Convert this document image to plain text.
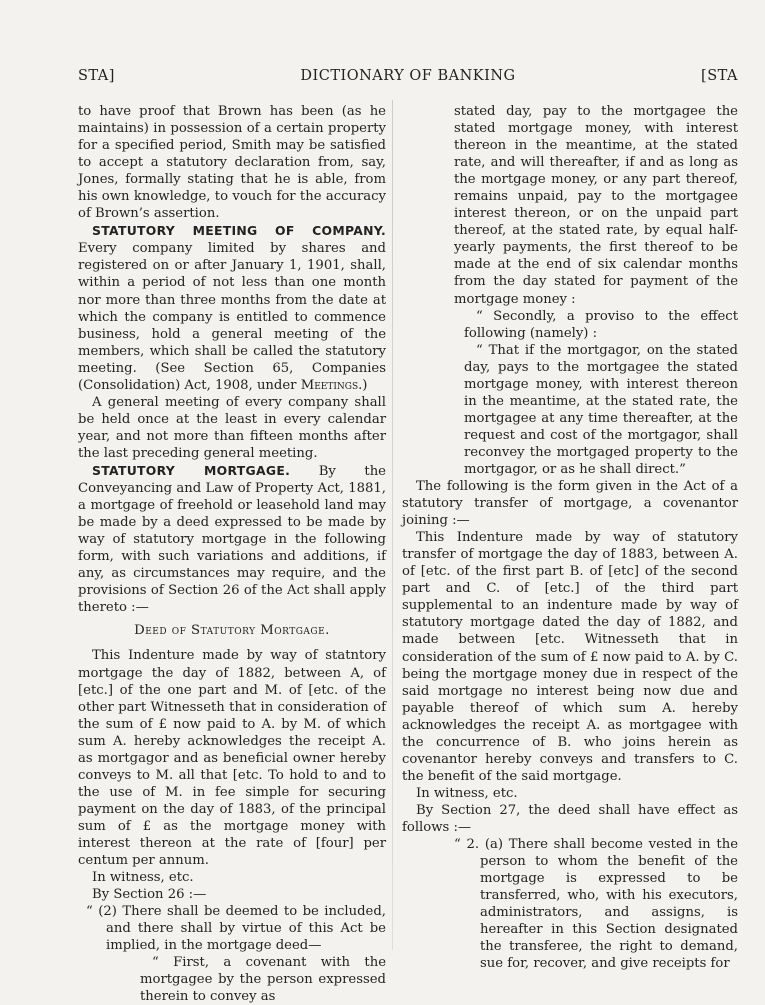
STA]	DICTIONARY OF BANKING	[STA

to have proof that Brown has been (as he maintains) in possession of a certain property for a specified period, Smith may be satisfied to accept a statutory declaration from, say, Jones, formally stating that he is able, from his own knowledge, to vouch for the accuracy of Brown’s assertion.

STATUTORY MEETING OF COMPANY. Every company limited by shares and registered on or after January 1, 1901, shall, within a period of not less than one month nor more than three months from the date at which the company is entitled to commence business, hold a general meeting of the members, which shall be called the statutory meeting. (See Section 65, Companies (Consolidation) Act, 1908, under Meetings.)

A general meeting of every company shall be held once at the least in every calendar year, and not more than fifteen months after the last preceding general meeting.

STATUTORY MORTGAGE. By the Conveyancing and Law of Property Act, 1881, a mortgage of freehold or leasehold land may be made by a deed expressed to be made by way of statutory mortgage in the following form, with such variations and additions, if any, as circumstances may require, and the provisions of Section 26 of the Act shall apply thereto :—

Deed of Statutory Mortgage.

This Indenture made by way of statntory mortgage the day of 1882, between A, of [etc.] of the one part and M. of [etc. of the other part Witnesseth that in consideration of the sum of £ now paid to A. by M. of which sum A. hereby acknowledges the receipt A. as mortgagor and as beneficial owner hereby conveys to M. all that [etc. To hold to and to the use of M. in fee simple for securing payment on the day of 1883, of the principal sum of £ as the mortgage money with interest thereon at the rate of [four] per centum per annum.

In witness, etc.

By Section 26 :—

“ (2) There shall be deemed to be included, and there shall by virtue of this Act be implied, in the mortgage deed—

“ First, a covenant with the mortgagee by the person expressed therein to convey as

stated day, pay to the mortgagee the stated mortgage money, with interest thereon in the meantime, at the stated rate, and will thereafter, if and as long as the mortgage money, or any part thereof, remains unpaid, pay to the mortgagee interest thereon, or on the unpaid part thereof, at the stated rate, by equal half-yearly payments, the first thereof to be made at the end of six calendar months from the day stated for payment of the mortgage money :

“ Secondly, a proviso to the effect following (namely) :

“ That if the mortgagor, on the stated day, pays to the mortgagee the stated mortgage money, with interest thereon in the meantime, at the stated rate, the mortgagee at any time thereafter, at the request and cost of the mortgagor, shall reconvey the mortgaged property to the mortgagor, or as he shall direct.”

The following is the form given in the Act of a statutory transfer of mortgage, a covenantor joining :—

This Indenture made by way of statutory transfer of mortgage the day of 1883, between A. of [etc. of the first part B. of [etc] of the second part and C. of [etc.] of the third part supplemental to an indenture made by way of statutory mortgage dated the day of 1882, and made between [etc. Witnesseth that in consideration of the sum of £ now paid to A. by C. being the mortgage money due in respect of the said mortgage no interest being now due and payable thereof of which sum A. hereby acknowledges the receipt A. as mortgagee with the concurrence of B. who joins herein as covenantor hereby conveys and transfers to C. the benefit of the said mortgage.

In witness, etc.

By Section 27, the deed shall have effect as follows :—

“ 2. (a) There shall become vested in the person to whom the benefit of the mortgage is expressed to be transferred, who, with his executors, administrators, and assigns, is hereafter in this Section designated the transferee, the right to demand, sue for, recover, and give receipts for
